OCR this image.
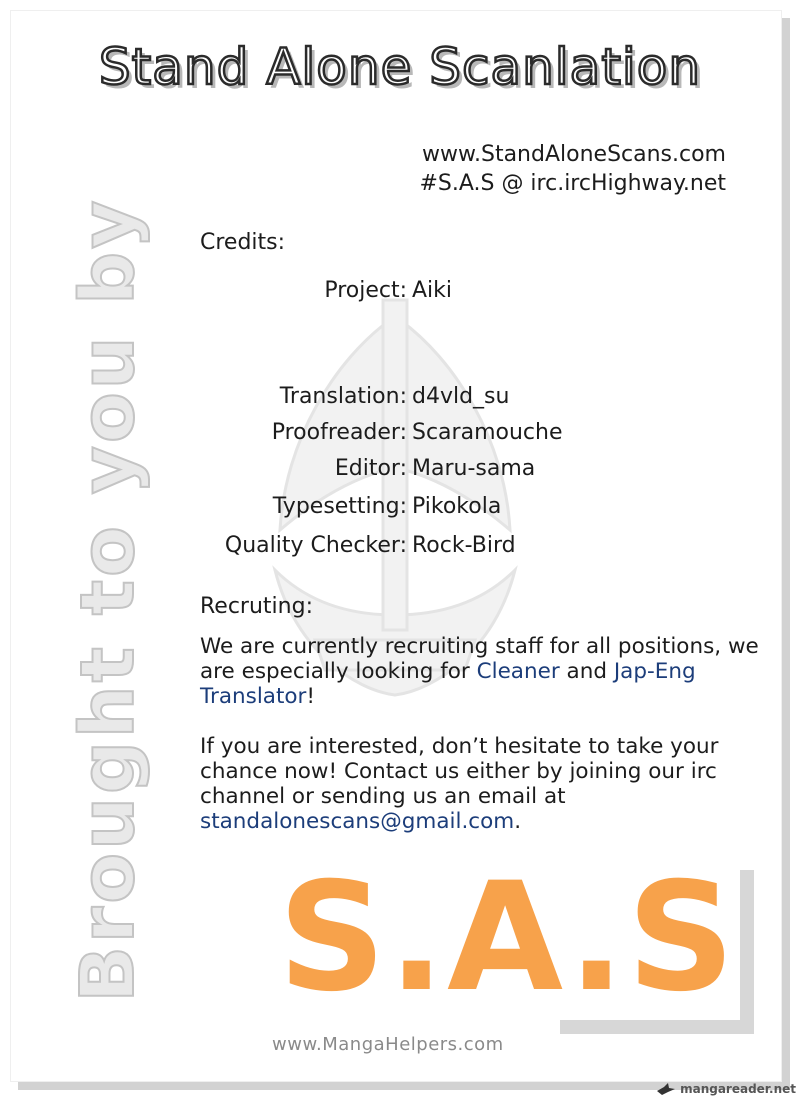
Stand Alone Scanlation
Brought to you by
www.StandAloneScans.com
#S.A.S @ irc.ircHighway.net
Credits:
Project: Aiki
Translation: d4vld_su
Proofreader: Scaramouche
Editor: Maru-sama
Typesetting: Pikokola
Quality Checker: Rock-Bird
Recruting:
We are currently recruiting staff for all positions, we are especially looking for Cleaner and Jap-Eng Translator!
If you are interested, don’t hesitate to take your chance now! Contact us either by joining our irc channel or sending us an email at standalonescans@gmail.com.
S.A.S
www.MangaHelpers.com
mangareader.net
